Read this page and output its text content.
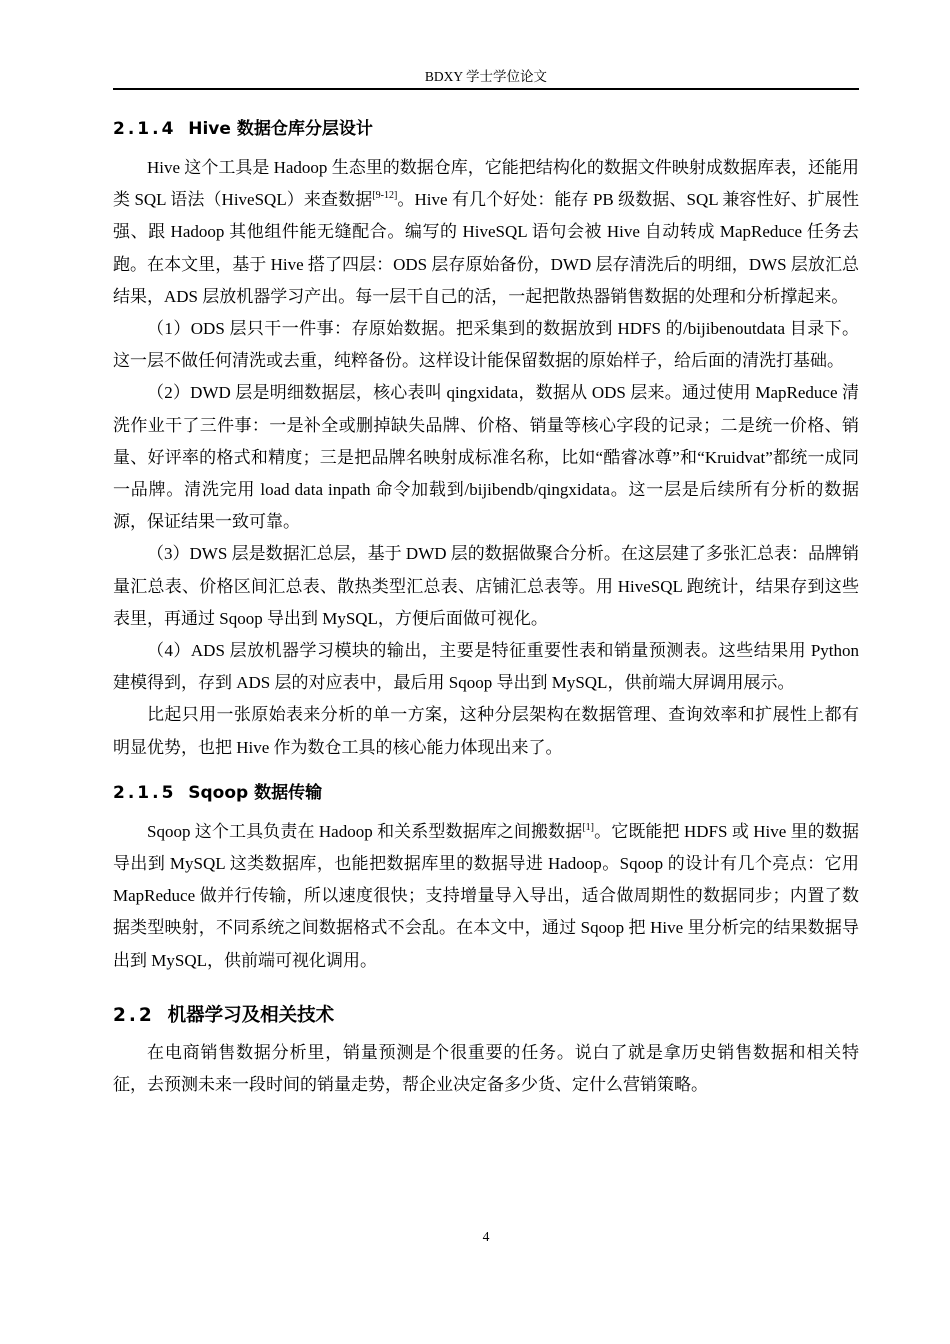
BDXY 学士学位论文
2.1.4 Hive 数据仓库分层设计

Hive 这个工具是 Hadoop 生态里的数据仓库，它能把结构化的数据文件映射成数据库表，还能用类 SQL 语法（HiveSQL）来查数据[9-12]。Hive 有几个好处：能存 PB 级数据、SQL 兼容性好、扩展性强、跟 Hadoop 其他组件能无缝配合。编写的 HiveSQL 语句会被 Hive 自动转成 MapReduce 任务去跑。在本文里，基于 Hive 搭了四层：ODS 层存原始备份，DWD 层存清洗后的明细，DWS 层放汇总结果，ADS 层放机器学习产出。每一层干自己的活，一起把散热器销售数据的处理和分析撑起来。

（1）ODS 层只干一件事：存原始数据。把采集到的数据放到 HDFS 的/bijibenoutdata 目录下。这一层不做任何清洗或去重，纯粹备份。这样设计能保留数据的原始样子，给后面的清洗打基础。

（2）DWD 层是明细数据层，核心表叫 qingxidata，数据从 ODS 层来。通过使用 MapReduce 清洗作业干了三件事：一是补全或删掉缺失品牌、价格、销量等核心字段的记录；二是统一价格、销量、好评率的格式和精度；三是把品牌名映射成标准名称，比如“酷睿冰尊”和“Kruidvat”都统一成同一品牌。清洗完用 load data inpath 命令加载到/bijibendb/qingxidata。这一层是后续所有分析的数据源，保证结果一致可靠。

（3）DWS 层是数据汇总层，基于 DWD 层的数据做聚合分析。在这层建了多张汇总表：品牌销量汇总表、价格区间汇总表、散热类型汇总表、店铺汇总表等。用 HiveSQL 跑统计，结果存到这些表里，再通过 Sqoop 导出到 MySQL，方便后面做可视化。

（4）ADS 层放机器学习模块的输出，主要是特征重要性表和销量预测表。这些结果用 Python 建模得到，存到 ADS 层的对应表中，最后用 Sqoop 导出到 MySQL，供前端大屏调用展示。

比起只用一张原始表来分析的单一方案，这种分层架构在数据管理、查询效率和扩展性上都有明显优势，也把 Hive 作为数仓工具的核心能力体现出来了。

2.1.5 Sqoop 数据传输

Sqoop 这个工具负责在 Hadoop 和关系型数据库之间搬数据[1]。它既能把 HDFS 或 Hive 里的数据导出到 MySQL 这类数据库，也能把数据库里的数据导进 Hadoop。Sqoop 的设计有几个亮点：它用 MapReduce 做并行传输，所以速度很快；支持增量导入导出，适合做周期性的数据同步；内置了数据类型映射，不同系统之间数据格式不会乱。在本文中，通过 Sqoop 把 Hive 里分析完的结果数据导出到 MySQL，供前端可视化调用。

2.2 机器学习及相关技术

在电商销售数据分析里，销量预测是个很重要的任务。说白了就是拿历史销售数据和相关特征，去预测未来一段时间的销量走势，帮企业决定备多少货、定什么营销策略。

4
